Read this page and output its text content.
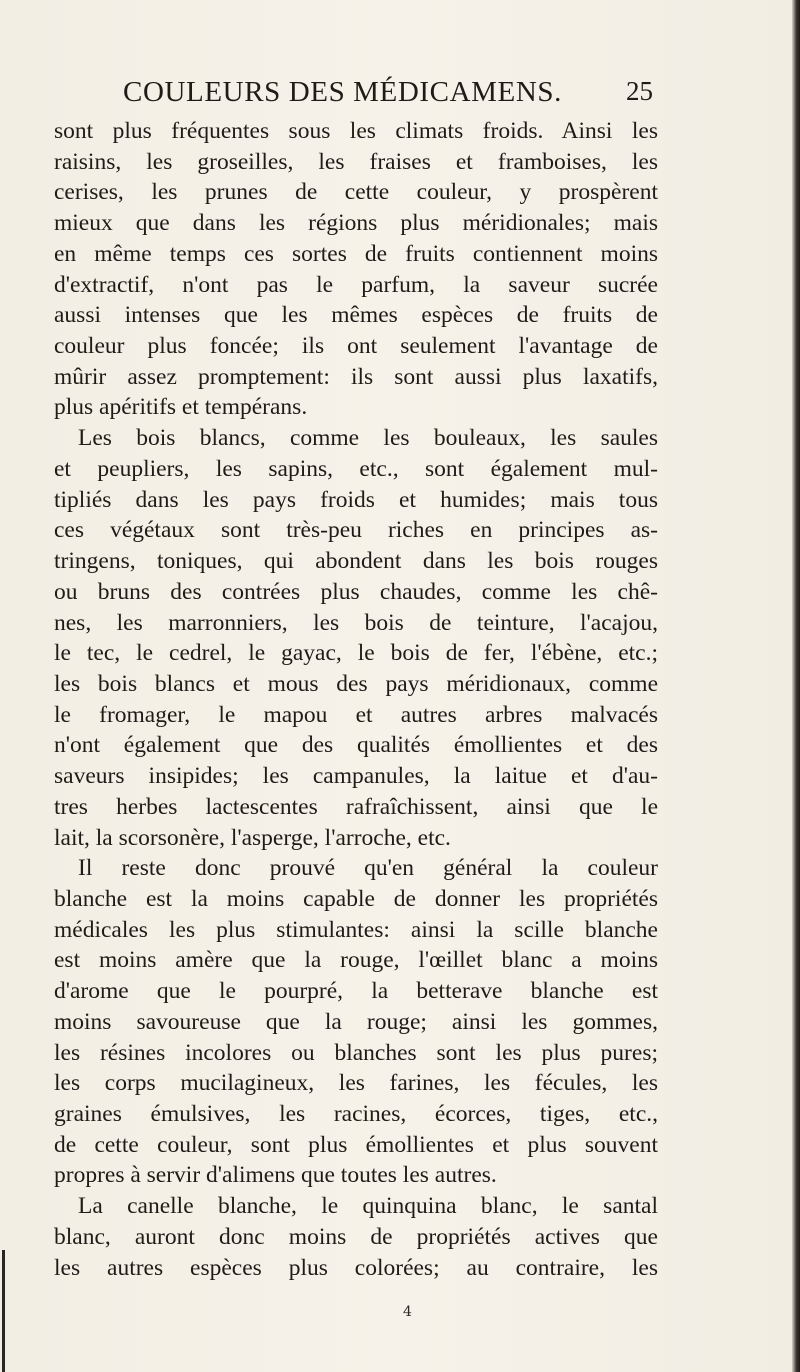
COULEURS DES MÉDICAMENS. 25
sont plus fréquentes sous les climats froids. Ainsi les
raisins, les groseilles, les fraises et framboises, les
cerises, les prunes de cette couleur, y prospèrent
mieux que dans les régions plus méridionales; mais
en même temps ces sortes de fruits contiennent moins
d'extractif, n'ont pas le parfum, la saveur sucrée
aussi intenses que les mêmes espèces de fruits de
couleur plus foncée; ils ont seulement l'avantage de
mûrir assez promptement: ils sont aussi plus laxatifs,
plus apéritifs et tempérans.
Les bois blancs, comme les bouleaux, les saules
et peupliers, les sapins, etc., sont également mul-
tipliés dans les pays froids et humides; mais tous
ces végétaux sont très-peu riches en principes as-
tringens, toniques, qui abondent dans les bois rouges
ou bruns des contrées plus chaudes, comme les chê-
nes, les marronniers, les bois de teinture, l'acajou,
le tec, le cedrel, le gayac, le bois de fer, l'ébène, etc.;
les bois blancs et mous des pays méridionaux, comme
le fromager, le mapou et autres arbres malvacés
n'ont également que des qualités émollientes et des
saveurs insipides; les campanules, la laitue et d'au-
tres herbes lactescentes rafraîchissent, ainsi que le
lait, la scorsonère, l'asperge, l'arroche, etc.
Il reste donc prouvé qu'en général la couleur
blanche est la moins capable de donner les propriétés
médicales les plus stimulantes: ainsi la scille blanche
est moins amère que la rouge, l'œillet blanc a moins
d'arome que le pourpré, la betterave blanche est
moins savoureuse que la rouge; ainsi les gommes,
les résines incolores ou blanches sont les plus pures;
les corps mucilagineux, les farines, les fécules, les
graines émulsives, les racines, écorces, tiges, etc.,
de cette couleur, sont plus émollientes et plus souvent
propres à servir d'alimens que toutes les autres.
La canelle blanche, le quinquina blanc, le santal
blanc, auront donc moins de propriétés actives que
les autres espèces plus colorées; au contraire, les
4
